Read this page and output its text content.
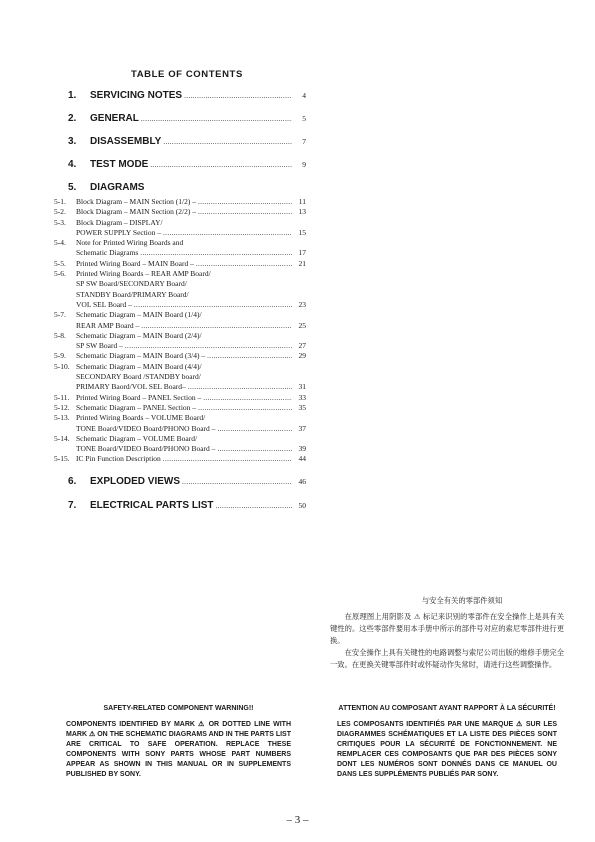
TABLE OF CONTENTS
1.	SERVICING NOTES .....	4
2.	GENERAL .....	5
3.	DISASSEMBLY .....	7
4.	TEST MODE .....	9
5.	DIAGRAMS
5-1.	Block Diagram – MAIN Section (1/2) – .....	11
5-2.	Block Diagram – MAIN Section (2/2) – .....	13
5-3.	Block Diagram – DISPLAY/
POWER SUPPLY Section – .....	15
5-4.	Note for Printed Wiring Boards and
Schematic Diagrams .....	17
5-5.	Printed Wiring Board – MAIN Board – .....	21
5-6.	Printed Wiring Boards – REAR AMP Board/
SP SW Board/SECONDARY Board/
STANDBY Board/PRIMARY Board/
VOL SEL Board – .....	23
5-7.	Schematic Diagram – MAIN Board (1/4)/
REAR AMP Board – .....	25
5-8.	Schematic Diagram – MAIN Board (2/4)/
SP SW Board – .....	27
5-9.	Schematic Diagram – MAIN Board (3/4) – .....	29
5-10. Schematic Diagram – MAIN Board (4/4)/
SECONDARY Board /STANDBY board/
PRIMARY Baord/VOL SEL Board– .....	31
5-11. Printed Wiring Board – PANEL Section – .....	33
5-12. Schematic Diagram – PANEL Section – .....	35
5-13. Printed Wiring Boards – VOLUME Board/
TONE Board/VIDEO Board/PHONO Board – .....	37
5-14. Schematic Diagram – VOLUME Board/
TONE Board/VIDEO Board/PHONO Board – .....	39
5-15. IC Pin Function Description .....	44
6.	EXPLODED VIEWS .....	46
7.	ELECTRICAL PARTS LIST .....	50
与安全有关的零部件须知

在原理图上用阴影及 ⚠ 标记来识别的零部件在安全操作上是具有关键性的。这些零部件要用本手册中所示的部件号对应的索尼零部件进行更换。

在安全操作上具有关键性的电路调整与索尼公司出版的维修手册完全一致。在更换关键零部件时或怀疑动作失常时，请进行这些调整操作。

SAFETY-RELATED COMPONENT WARNING!!
COMPONENTS IDENTIFIED BY MARK ⚠ OR DOTTED LINE WITH MARK ⚠ ON THE SCHEMATIC DIAGRAMS AND IN THE PARTS LIST ARE CRITICAL TO SAFE OPERATION. REPLACE THESE COMPONENTS WITH SONY PARTS WHOSE PART NUMBERS APPEAR AS SHOWN IN THIS MANUAL OR IN SUPPLEMENTS PUBLISHED BY SONY.
ATTENTION AU COMPOSANT AYANT RAPPORT À LA SÉCURITÉ!
LES COMPOSANTS IDENTIFIÉS PAR UNE MARQUE ⚠ SUR LES DIAGRAMMES SCHÉMATIQUES ET LA LISTE DES PIÈCES SONT CRITIQUES POUR LA SÉCURITÉ DE FONCTIONNEMENT. NE REMPLACER CES COMPOSANTS QUE PAR DES PIÈCES SONY DONT LES NUMÉROS SONT DONNÉS DANS CE MANUEL OU DANS LES SUPPLÉMENTS PUBLIÉS PAR SONY.
– 3 –
